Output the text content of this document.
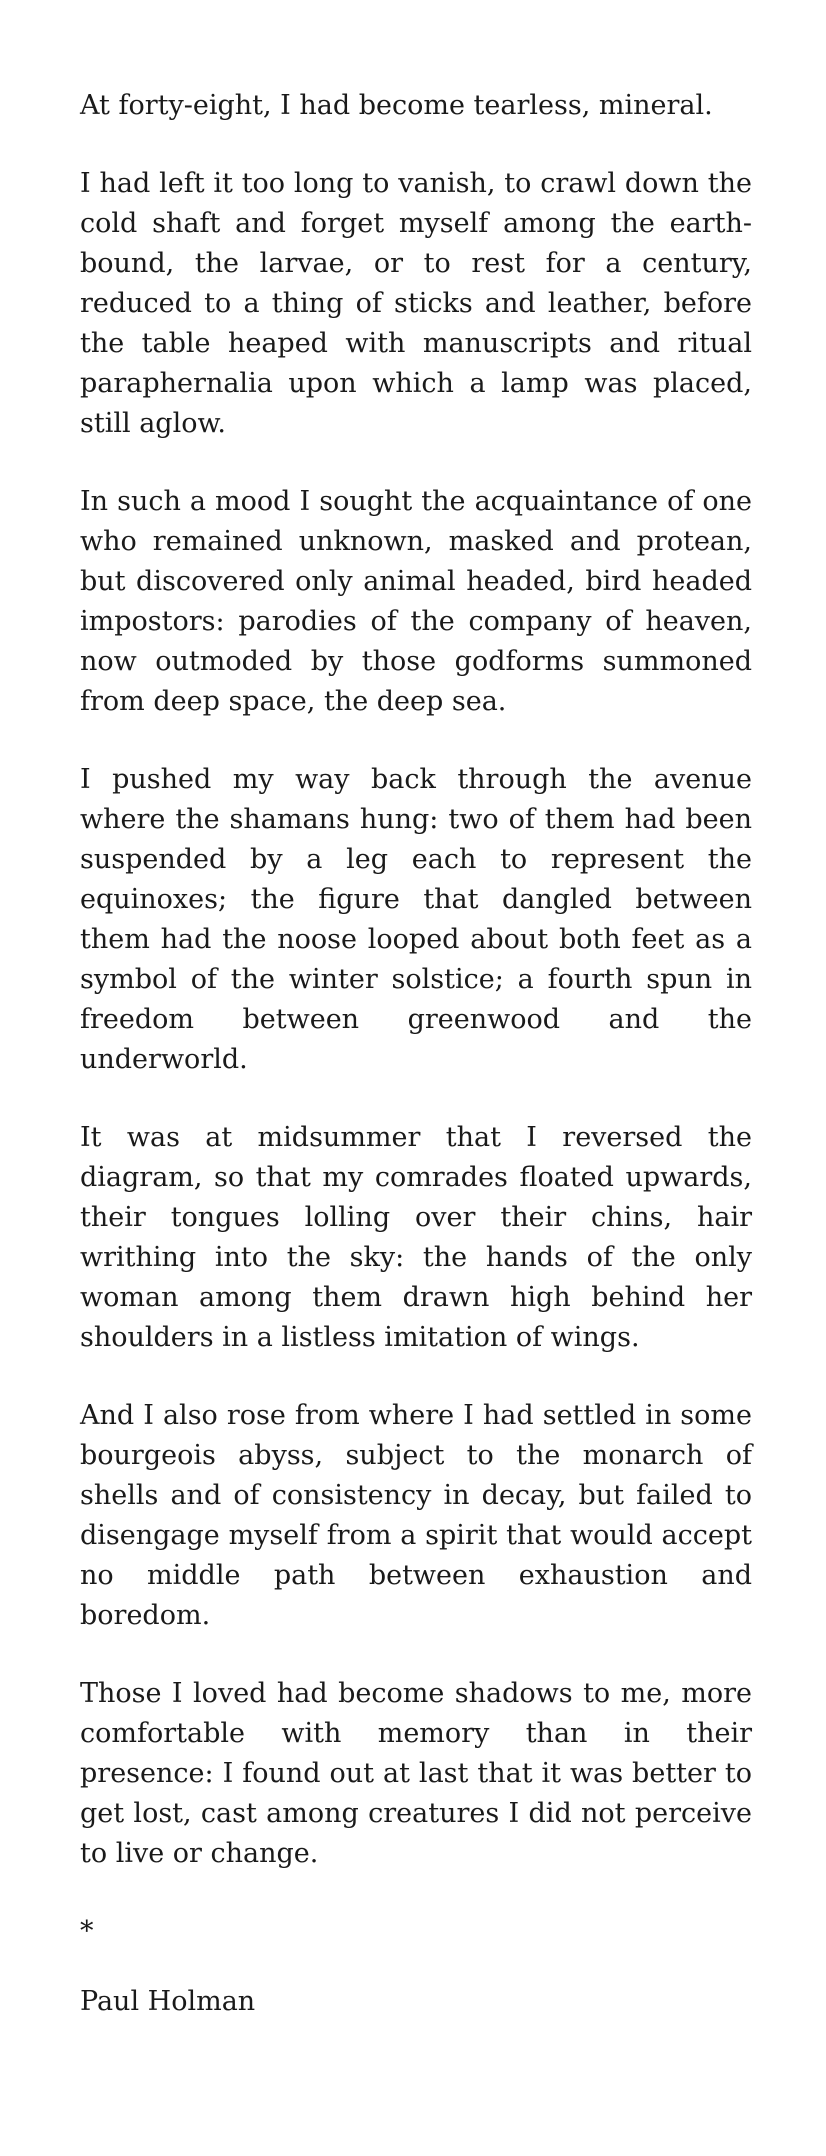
At forty-eight, I had become tearless, mineral.

I had left it too long to vanish, to crawl down the cold shaft and forget myself among the earth-bound, the larvae, or to rest for a century, reduced to a thing of sticks and leather, before the table heaped with manuscripts and ritual paraphernalia upon which a lamp was placed, still aglow.

In such a mood I sought the acquaintance of one who remained unknown, masked and protean, but discovered only animal headed, bird headed impostors: parodies of the company of heaven, now outmoded by those godforms summoned from deep space, the deep sea.

I pushed my way back through the avenue where the shamans hung: two of them had been suspended by a leg each to represent the equinoxes; the figure that dangled between them had the noose looped about both feet as a symbol of the winter solstice; a fourth spun in freedom between greenwood and the underworld.

It was at midsummer that I reversed the diagram, so that my comrades floated upwards, their tongues lolling over their chins, hair writhing into the sky: the hands of the only woman among them drawn high behind her shoulders in a listless imitation of wings.

And I also rose from where I had settled in some bourgeois abyss, subject to the monarch of shells and of consistency in decay, but failed to disengage myself from a spirit that would accept no middle path between exhaustion and boredom.

Those I loved had become shadows to me, more comfortable with memory than in their presence: I found out at last that it was better to get lost, cast among creatures I did not perceive to live or change.

*

Paul Holman
